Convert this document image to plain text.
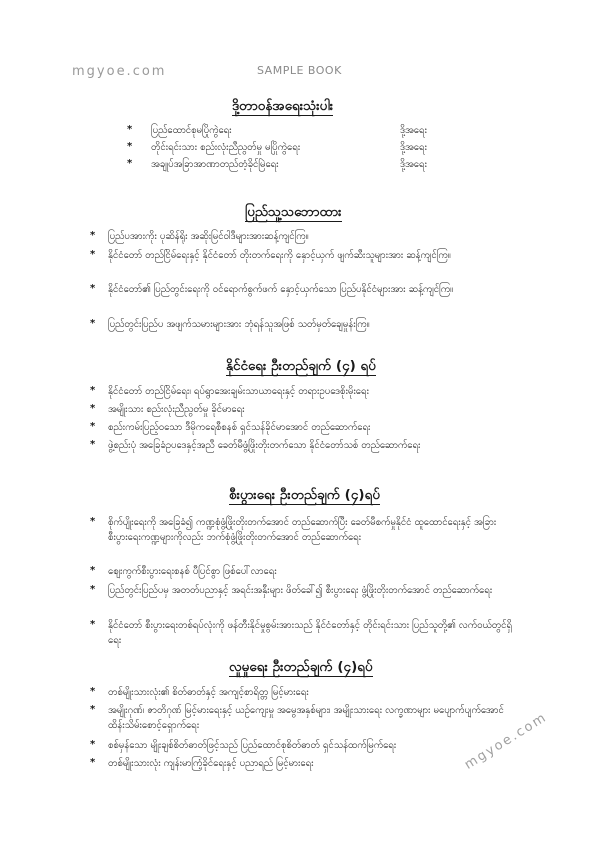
mgyoe.com	SAMPLE BOOK
mgyoe.com
ဒို့တာဝန်အရေးသုံးပါး
* ပြည်ထောင်စုမပြိုကွဲရေး	ဒို့အရေး
* တိုင်းရင်းသား စည်းလုံးညီညွတ်မှု မပြိုကွဲရေး	ဒို့အရေး
* အချုပ်အခြာအာဏာတည်တံ့ခိုင်မြဲရေး	ဒို့အရေး
ပြည်သူ့သဘောထား
* ပြည်ပအားကိုး ပုဆိန်ရိုး အဆိုးမြင်ဝါဒီများအားဆန့်ကျင်ကြ။
* နိုင်ငံတော် တည်ငြိမ်ရေးနှင့် နိုင်ငံတော် တိုးတက်ရေးကို နှောင့်ယှက် ဖျက်ဆီးသူများအား ဆန့်ကျင်ကြ။
* နိုင်ငံတော်၏ ပြည်တွင်းရေးကို ဝင်ရောက်စွက်ဖက် နှောင့်ယှက်သော ပြည်ပနိုင်ငံများအား ဆန့်ကျင်ကြ။
* ပြည်တွင်းပြည်ပ အဖျက်သမားများအား ဘုံရန်သူအဖြစ် သတ်မှတ်ချေမှုန်းကြ။
နိုင်ငံရေး ဦးတည်ချက် (၄) ရပ်
* နိုင်ငံတော် တည်ငြိမ်ရေး၊ ရပ်ရွာအေးချမ်းသာယာရေးနှင့် တရားဥပဒေစိုးမိုးရေး
* အမျိုးသား စည်းလုံးညီညွတ်မှု ခိုင်မာရေး
* စည်းကမ်းပြည့်ဝသော ဒီမိုကရေစီစနစ် ရှင်သန်ခိုင်မာအောင် တည်ဆောက်ရေး
* ဖွဲ့စည်းပုံ အခြေခံဥပဒေနှင့်အညီ ခေတ်မီဖွံ့ဖြိုးတိုးတက်သော နိုင်ငံတော်သစ် တည်ဆောက်ရေး
စီးပွားရေး ဦးတည်ချက် (၄)ရပ်
* စိုက်ပျိုးရေးကို အခြေခံ၍ ကဏ္ဍစုံဖွံ့ဖြိုးတိုးတက်အောင် တည်ဆောက်ပြီး ခေတ်မီစက်မှုနိုင်ငံ ထူထောင်ရေးနှင့် အခြားစီးပွားရေးကဏ္ဍများကိုလည်း ဘက်စုံဖွံ့ဖြိုးတိုးတက်အောင် တည်ဆောက်ရေး
* ဈေးကွက်စီးပွားရေးစနစ် ပီပြင်စွာ ဖြစ်ပေါ်လာရေး
* ပြည်တွင်းပြည်ပမှ အတတ်ပညာနှင့် အရင်းအနှီးများ ဖိတ်ခေါ်၍ စီးပွားရေး ဖွံ့ဖြိုးတိုးတက်အောင် တည်ဆောက်ရေး
* နိုင်ငံတော် စီးပွားရေးတစ်ရပ်လုံးကို ဖန်တီးနိုင်မှုစွမ်းအားသည် နိုင်ငံတော်နှင့် တိုင်းရင်းသား ပြည်သူတို့၏ လက်ဝယ်တွင်ရှိရေး
လူမှုရေး ဦးတည်ချက် (၄)ရပ်
* တစ်မျိုးသားလုံး၏ စိတ်ဓာတ်နှင့် အကျင့်စာရိတ္တ မြင့်မားရေး
* အမျိုးဂုဏ်၊ ဇာတိဂုဏ် မြင့်မားရေးနှင့် ယဉ်ကျေးမှု အမွေအနှစ်များ၊ အမျိုးသားရေး လက္ခဏာများ မပျောက်ပျက်အောင် ထိန်းသိမ်းစောင့်ရှောက်ရေး
* စစ်မှန်သော မျိုးချစ်စိတ်ဓာတ်ဖြင့်သည် ပြည်ထောင်စုစိတ်ဓာတ် ရှင်သန်ထက်မြက်ရေး
* တစ်မျိုးသားလုံး ကျန်းမာကြံ့ခိုင်ရေးနှင့် ပညာရည် မြင့်မားရေး
